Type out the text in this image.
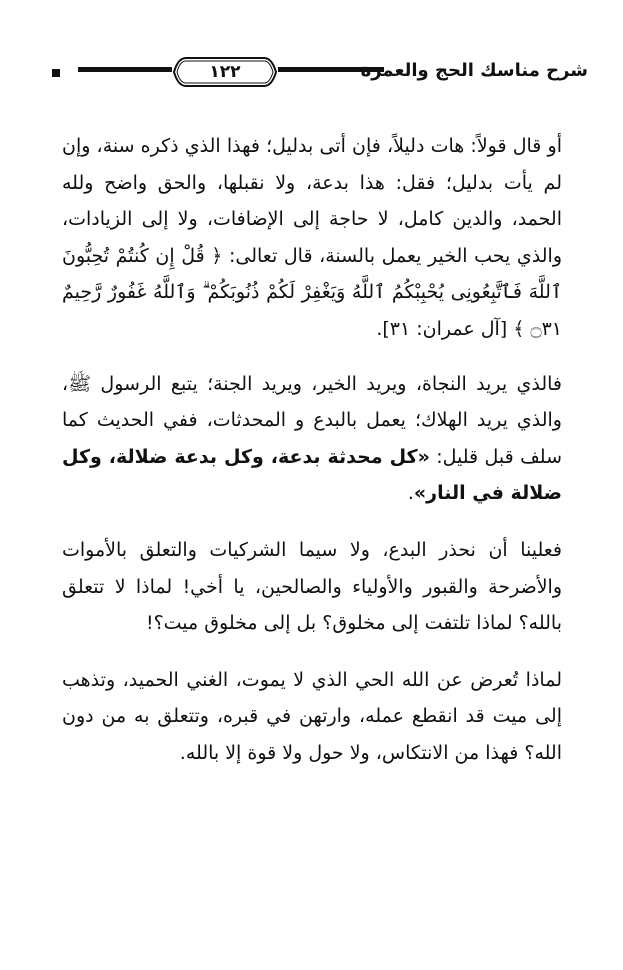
١٢٢	شرح مناسك الحج والعمرة

أو قال قولاً: هات دليلاً، فإن أتى بدليل؛ فهذا الذي ذكره سنة، وإن لم يأت بدليل؛ فقل: هذا بدعة، ولا نقبلها، والحق واضح ولله الحمد، والدين كامل، لا حاجة إلى الإضافات، ولا إلى الزيادات، والذي يحب الخير يعمل بالسنة، قال تعالى: ﴿ قُلْ إِن كُنتُمْ تُحِبُّونَ ٱللَّهَ فَٱتَّبِعُونِى يُحْبِبْكُمُ ٱللَّهُ وَيَغْفِرْ لَكُمْ ذُنُوبَكُمْ ۗ وَٱللَّهُ غَفُورٌ رَّحِيمٌ ۝٣١ ﴾ [آل عمران: ٣١].

فالذي يريد النجاة، ويريد الخير، ويريد الجنة؛ يتبع الرسول ﷺ، والذي يريد الهلاك؛ يعمل بالبدع و المحدثات، ففي الحديث كما سلف قبل قليل: «كل محدثة بدعة، وكل بدعة ضلالة، وكل ضلالة في النار».

فعلينا أن نحذر البدع، ولا سيما الشركيات والتعلق بالأموات والأضرحة والقبور والأولياء والصالحين، يا أخي! لماذا لا تتعلق بالله؟ لماذا تلتفت إلى مخلوق؟ بل إلى مخلوق ميت؟!

لماذا تُعرض عن الله الحي الذي لا يموت، الغني الحميد، وتذهب إلى ميت قد انقطع عمله، وارتهن في قبره، وتتعلق به من دون الله؟ فهذا من الانتكاس، ولا حول ولا قوة إلا بالله.
